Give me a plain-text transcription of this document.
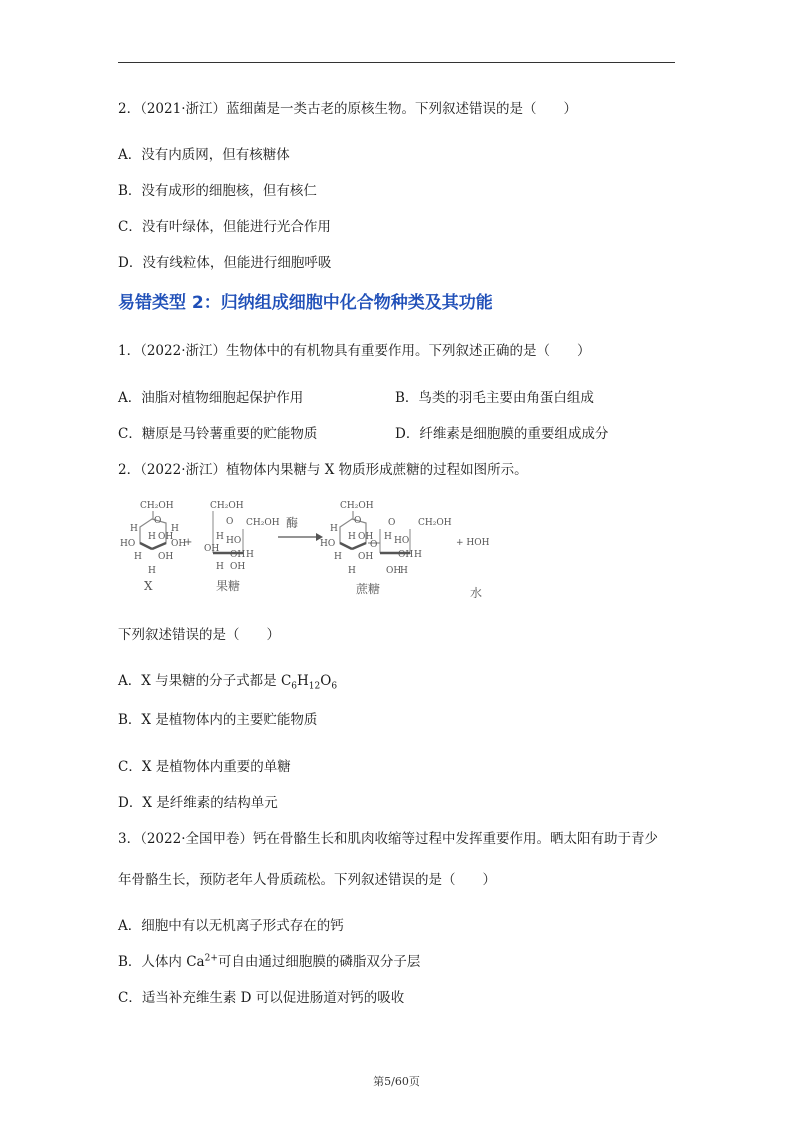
2．（2021·浙江）蓝细菌是一类古老的原核生物。下列叙述错误的是（　　）
A．没有内质网，但有核糖体
B．没有成形的细胞核，但有核仁
C．没有叶绿体，但能进行光合作用
D．没有线粒体，但能进行细胞呼吸
易错类型 2：归纳组成细胞中化合物种类及其功能
1．（2022·浙江）生物体中的有机物具有重要作用。下列叙述正确的是（　　）
A．油脂对植物细胞起保护作用	B．鸟类的羽毛主要由角蛋白组成
C．糖原是马铃薯重要的贮能物质	D．纤维素是细胞膜的重要组成成分
2．（2022·浙江）植物体内果糖与 X 物质形成蔗糖的过程如图所示。
CH₂OH
O
H	H
H OH
HO	OH
H OH
H
+
X
CH₂OH
CH₂OH
O
H HO
OH
OH H
H OH
果糖
酶
CH₂OH
O	CH₂OH
O
H
H OH
HO	O
H HO
OH H
H OH
H	OH
H
+ HOH
蔗糖	水
下列叙述错误的是（　　）
A．X 与果糖的分子式都是 $C_6H_{12}O_6$
B．X 是植物体内的主要贮能物质
C．X 是植物体内重要的单糖
D．X 是纤维素的结构单元
3．（2022·全国甲卷）钙在骨骼生长和肌肉收缩等过程中发挥重要作用。晒太阳有助于青少
年骨骼生长，预防老年人骨质疏松。下列叙述错误的是（　　）
A．细胞中有以无机离子形式存在的钙
B．人体内 $Ca^{2+}$可自由通过细胞膜的磷脂双分子层
C．适当补充维生素 D 可以促进肠道对钙的吸收
第5/60页
